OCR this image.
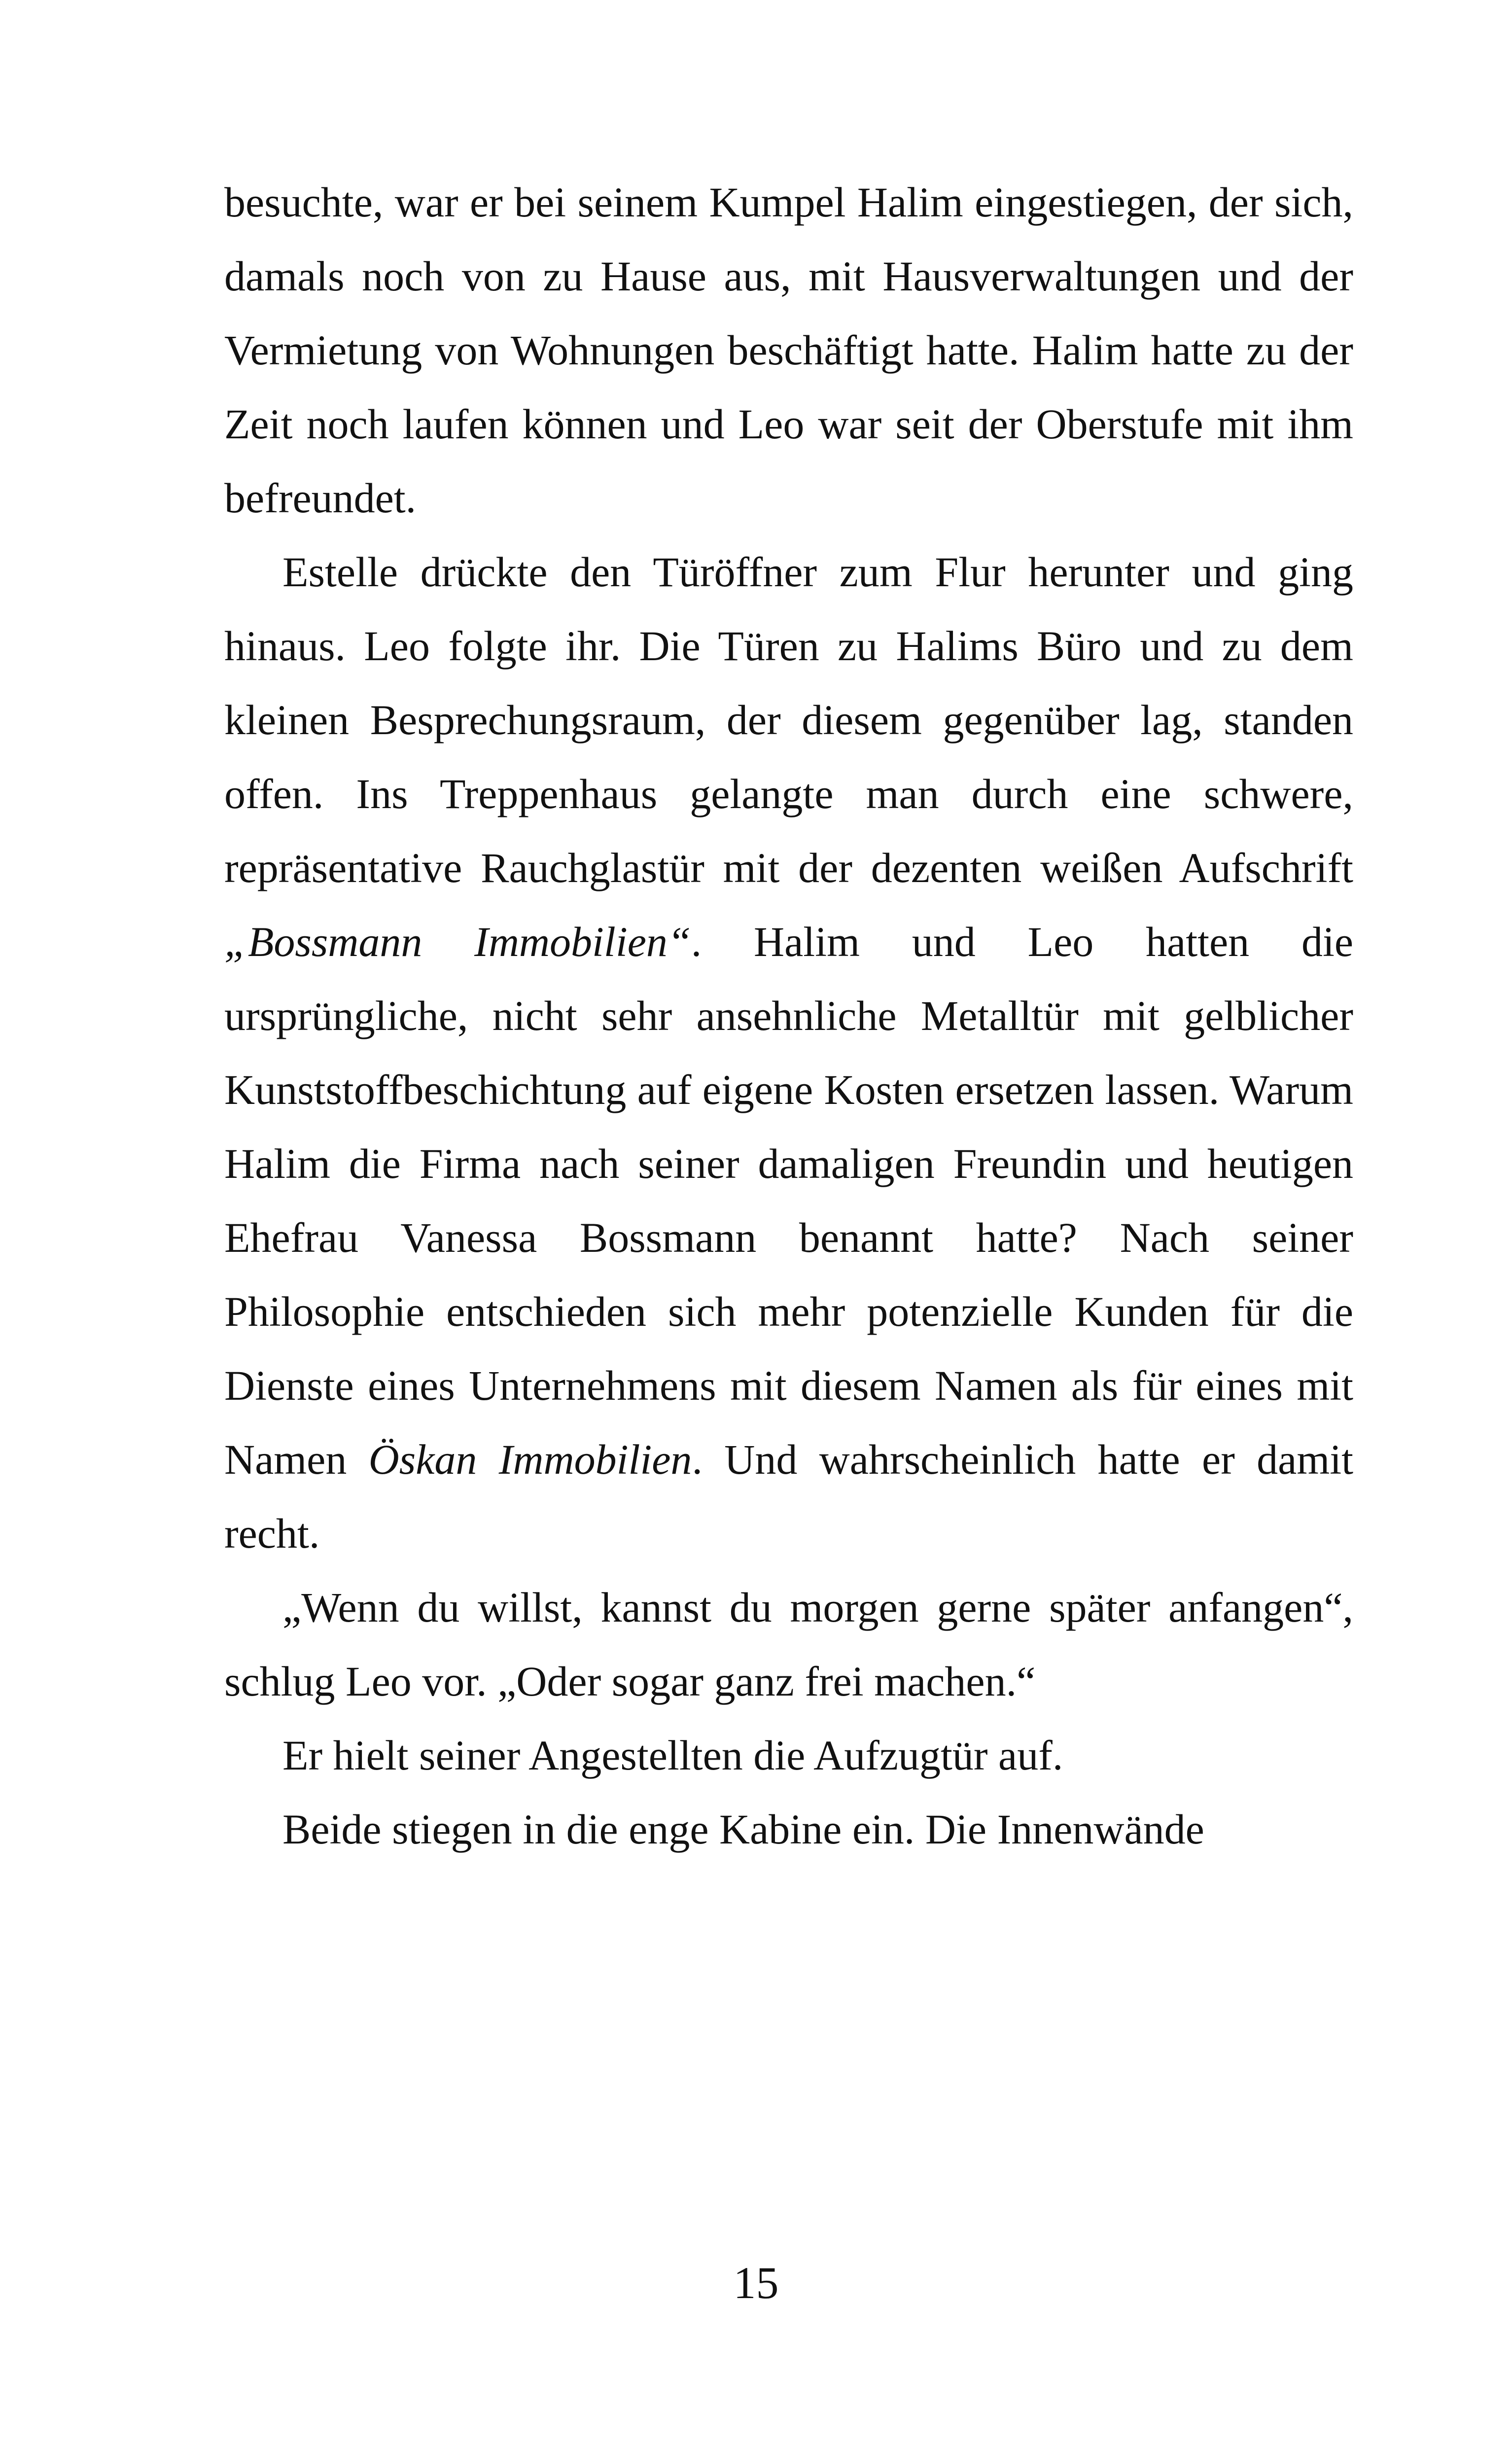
besuchte, war er bei seinem Kumpel Halim eingestiegen, der sich, damals noch von zu Hause aus, mit Hausverwaltungen und der Vermietung von Wohnungen beschäftigt hatte. Halim hatte zu der Zeit noch laufen können und Leo war seit der Oberstufe mit ihm befreundet.

Estelle drückte den Türöffner zum Flur herunter und ging hinaus. Leo folgte ihr. Die Türen zu Halims Büro und zu dem kleinen Besprechungsraum, der diesem gegenüber lag, standen offen. Ins Treppenhaus gelangte man durch eine schwere, repräsentative Rauchglastür mit der dezenten weißen Aufschrift „Bossmann Immobilien“. Halim und Leo hatten die ursprüngliche, nicht sehr ansehnliche Metalltür mit gelblicher Kunststoffbeschichtung auf eigene Kosten ersetzen lassen. Warum Halim die Firma nach seiner damaligen Freundin und heutigen Ehefrau Vanessa Bossmann benannt hatte? Nach seiner Philosophie entschieden sich mehr potenzielle Kunden für die Dienste eines Unternehmens mit diesem Namen als für eines mit Namen Öskan Immobilien. Und wahrscheinlich hatte er damit recht.

„Wenn du willst, kannst du morgen gerne später anfangen“, schlug Leo vor. „Oder sogar ganz frei machen.“

Er hielt seiner Angestellten die Aufzugtür auf.

Beide stiegen in die enge Kabine ein. Die Innenwände

15
